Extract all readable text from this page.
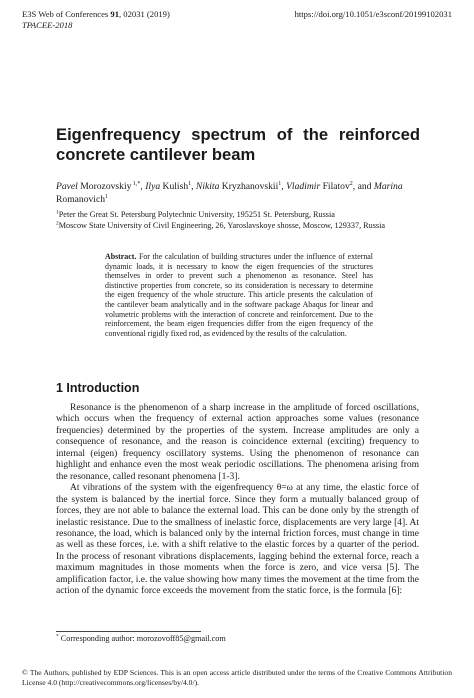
E3S Web of Conferences 91, 02031 (2019)
TPACEE-2018
https://doi.org/10.1051/e3sconf/20199102031
Eigenfrequency spectrum of the reinforced
concrete cantilever beam
Pavel Morozovskiy $^{1,*}$, Ilya Kulish$^1$, Nikita Kryzhanovskii$^1$, Vladimir Filatov$^2$, and Marina Romanovich$^1$
$^1$Peter the Great St. Petersburg Polytechnic University, 195251 St. Petersburg, Russia
$^2$Moscow State University of Civil Engineering, 26, Yaroslavskoye shosse, Moscow, 129337, Russia
Abstract. For the calculation of building structures under the influence of external dynamic loads, it is necessary to know the eigen frequencies of the structures themselves in order to prevent such a phenomenon as resonance. Steel has distinctive properties from concrete, so its consideration is necessary to determine the eigen frequency of the whole structure. This article presents the calculation of the cantilever beam analytically and in the software package Abaqus for linear and volumetric problems with the interaction of concrete and reinforcement. Due to the reinforcement, the beam eigen frequencies differ from the eigen frequency of the conventional rigidly fixed rod, as evidenced by the results of the calculation.
1 Introduction

Resonance is the phenomenon of a sharp increase in the amplitude of forced oscillations, which occurs when the frequency of external action approaches some values (resonance frequencies) determined by the properties of the system. Increase amplitudes are only a consequence of resonance, and the reason is coincidence external (exciting) frequency to internal (eigen) frequency oscillatory systems. Using the phenomenon of resonance can highlight and enhance even the most weak periodic oscillations. The phenomena arising from the resonance, called resonant phenomena [1-3].

At vibrations of the system with the eigenfrequency θ=ω at any time, the elastic force of the system is balanced by the inertial force. Since they form a mutually balanced group of forces, they are not able to balance the external load. This can be done only by the strength of inelastic resistance. Due to the smallness of inelastic force, displacements are very large [4]. At resonance, the load, which is balanced only by the internal friction forces, must change in time as well as these forces, i.e. with a shift relative to the elastic forces by a quarter of the period. In the process of resonant vibrations displacements, lagging behind the external force, reach a maximum magnitudes in those moments when the force is zero, and vice versa [5]. The amplification factor, i.e. the value showing how many times the movement at the time from the action of the dynamic force exceeds the movement from the static force, is the formula [6]:

* Corresponding author: morozovoff85@gmail.com
© The Authors, published by EDP Sciences. This is an open access article distributed under the terms of the Creative Commons Attribution License 4.0 (http://creativecommons.org/licenses/by/4.0/).
